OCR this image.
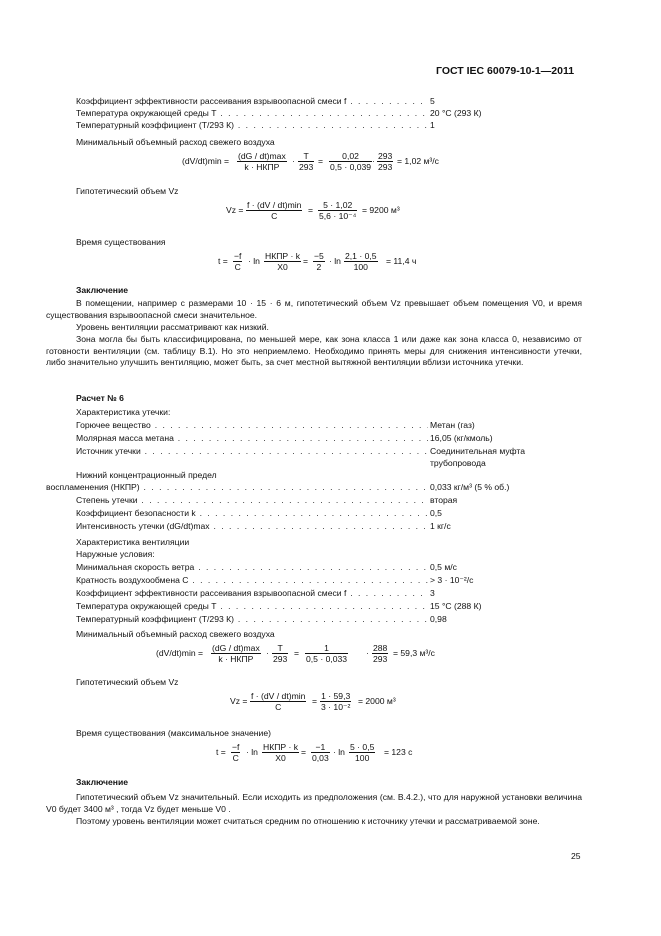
ГОСТ IEC 60079-10-1—2011
Коэффициент эффективности рассеивания взрывоопасной смеси f . . .	5
Температура окружающей среды T . . .	20 °С (293 К)
Температурный коэффициент (T/293 К) . . .	1
Минимальный объемный расход свежего воздуха
(dV/dt)min = (dG / dt)max
k · НКПР
· $\frac{T}{293} = \frac{0,02}{0,5 \cdot 0,039} \cdot \frac{293}{293} = 1,02$ м³/с
Гипотетический объем Vz
Vz = f · (dV / dt)min
C
= $\frac{5 \cdot 1,02}{\text{5,6 · 10⁻⁴}} = 9200$ м³
Время существования
$t = \frac{-f}{C} \cdot \ln$ НКПР · k
X0
= $\frac{-5}{2} \cdot \ln \frac{2,1 \cdot 0,5}{100} = 11,4$ ч
Заключение
В помещении, например с размерами 10 · 15 · 6 м, гипотетический объем Vz превышает объем помещения V0, и время существования взрывоопасной смеси значительное.
Уровень вентиляции рассматривают как низкий.
Зона могла бы быть классифицирована, по меньшей мере, как зона класса 1 или даже как зона класса 0, независимо от готовности вентиляции (см. таблицу В.1). Но это неприемлемо. Необходимо принять меры для снижения интенсивности утечки, либо значительно улучшить вентиляцию, может быть, за счет местной вытяжной вентиляции вблизи источника утечки.
Расчет № 6
Характеристика утечки:
Горючее вещество . . .	Метан (газ)
Молярная масса метана . . .	16,05 (кг/кмоль)
Источник утечки . . .	Соединительная муфта
трубопровода
Нижний концентрационный предел
воспламенения (НКПР) . . .	0,033 кг/м³ (5 % об.)
Степень утечки . . .	вторая
Коэффициент безопасности k . . .	0,5
Интенсивность утечки (dG/dt)max . . .	1 кг/с
Характеристика вентиляции
Наружные условия:
Минимальная скорость ветра . . .	0,5 м/с
Кратность воздухообмена C . . .	> 3 · 10⁻²/с
Коэффициент эффективности рассеивания взрывоопасной смеси f . . .	3
Температура окружающей среды T . . .	15 °С (288 К)
Температурный коэффициент (T/293 К) . . .	0,98
Минимальный объемный расход свежего воздуха
(dV/dt)min = (dG / dt)max
k · НКПР
· $\frac{T}{293} = \frac{1}{0,5 \cdot 0,033} \cdot \frac{288}{293} = 59,3$ м³/с
Гипотетический объем Vz
Vz = f · (dV / dt)min
C
= $\frac{1 \cdot 59,3}{\text{3 · 10⁻²}} = 2000$ м³
Время существования (максимальное значение)
$t = \frac{-f}{C} \cdot \ln$ НКПР · k
X0
= $\frac{-1}{0,03} \cdot \ln \frac{5 \cdot 0,5}{100} = 123$ с
Заключение
Гипотетический объем Vz значительный. Если исходить из предположения (см. В.4.2.), что для наружной установки величина V0 будет 3400 м³ , тогда Vz будет меньше V0 .
Поэтому уровень вентиляции может считаться средним по отношению к источнику утечки и рассматриваемой зоне.
25
